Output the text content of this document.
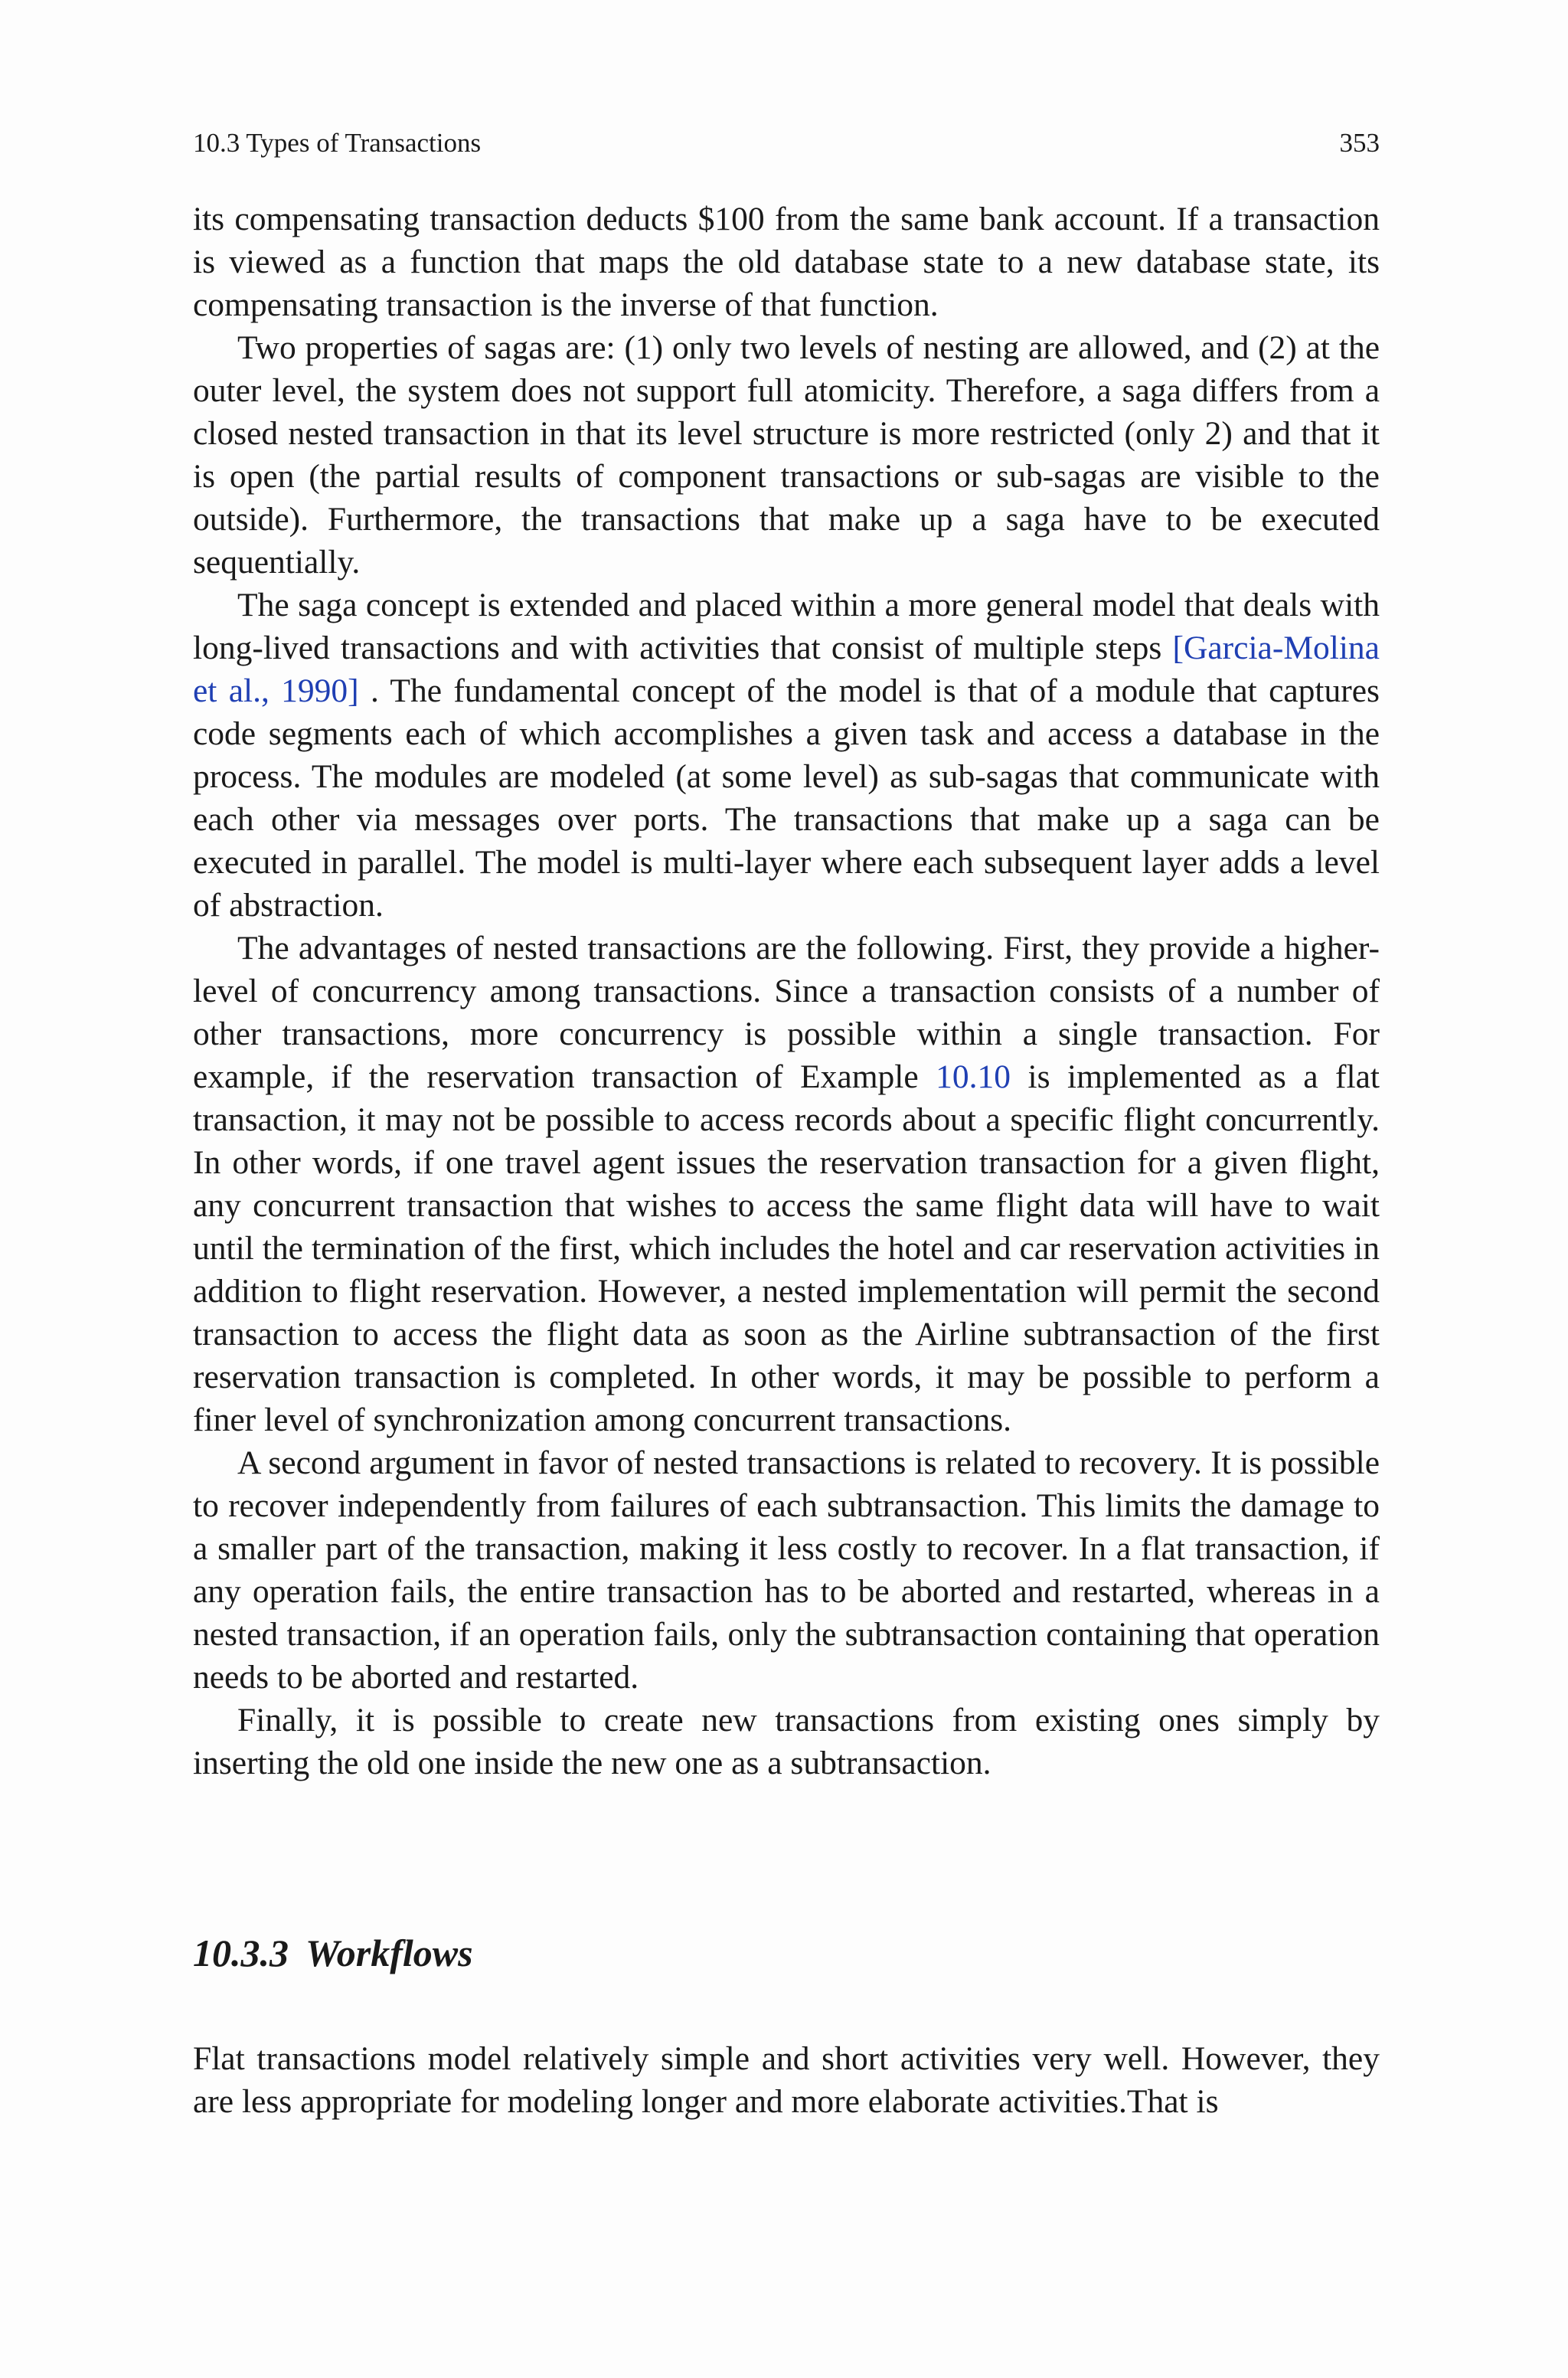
10.3 Types of Transactions	353

its compensating transaction deducts $100 from the same bank account. If a transaction is viewed as a function that maps the old database state to a new database state, its compensating transaction is the inverse of that function.

Two properties of sagas are: (1) only two levels of nesting are allowed, and (2) at the outer level, the system does not support full atomicity. Therefore, a saga differs from a closed nested transaction in that its level structure is more restricted (only 2) and that it is open (the partial results of component transactions or sub-sagas are visible to the outside). Furthermore, the transactions that make up a saga have to be executed sequentially.

The saga concept is extended and placed within a more general model that deals with long-lived transactions and with activities that consist of multiple steps [Garcia-Molina et al., 1990] . The fundamental concept of the model is that of a module that captures code segments each of which accomplishes a given task and access a database in the process. The modules are modeled (at some level) as sub-sagas that communicate with each other via messages over ports. The transactions that make up a saga can be executed in parallel. The model is multi-layer where each subsequent layer adds a level of abstraction.

The advantages of nested transactions are the following. First, they provide a higher-level of concurrency among transactions. Since a transaction consists of a number of other transactions, more concurrency is possible within a single transaction. For example, if the reservation transaction of Example 10.10 is implemented as a flat transaction, it may not be possible to access records about a specific flight concurrently. In other words, if one travel agent issues the reservation transaction for a given flight, any concurrent transaction that wishes to access the same flight data will have to wait until the termination of the first, which includes the hotel and car reservation activities in addition to flight reservation. However, a nested implementation will permit the second transaction to access the flight data as soon as the Airline subtransaction of the first reservation transaction is completed. In other words, it may be possible to perform a finer level of synchronization among concurrent transactions.

A second argument in favor of nested transactions is related to recovery. It is possible to recover independently from failures of each subtransaction. This limits the damage to a smaller part of the transaction, making it less costly to recover. In a flat transaction, if any operation fails, the entire transaction has to be aborted and restarted, whereas in a nested transaction, if an operation fails, only the subtransaction containing that operation needs to be aborted and restarted.

Finally, it is possible to create new transactions from existing ones simply by inserting the old one inside the new one as a subtransaction.

10.3.3 Workflows

Flat transactions model relatively simple and short activities very well. However, they are less appropriate for modeling longer and more elaborate activities.That is
